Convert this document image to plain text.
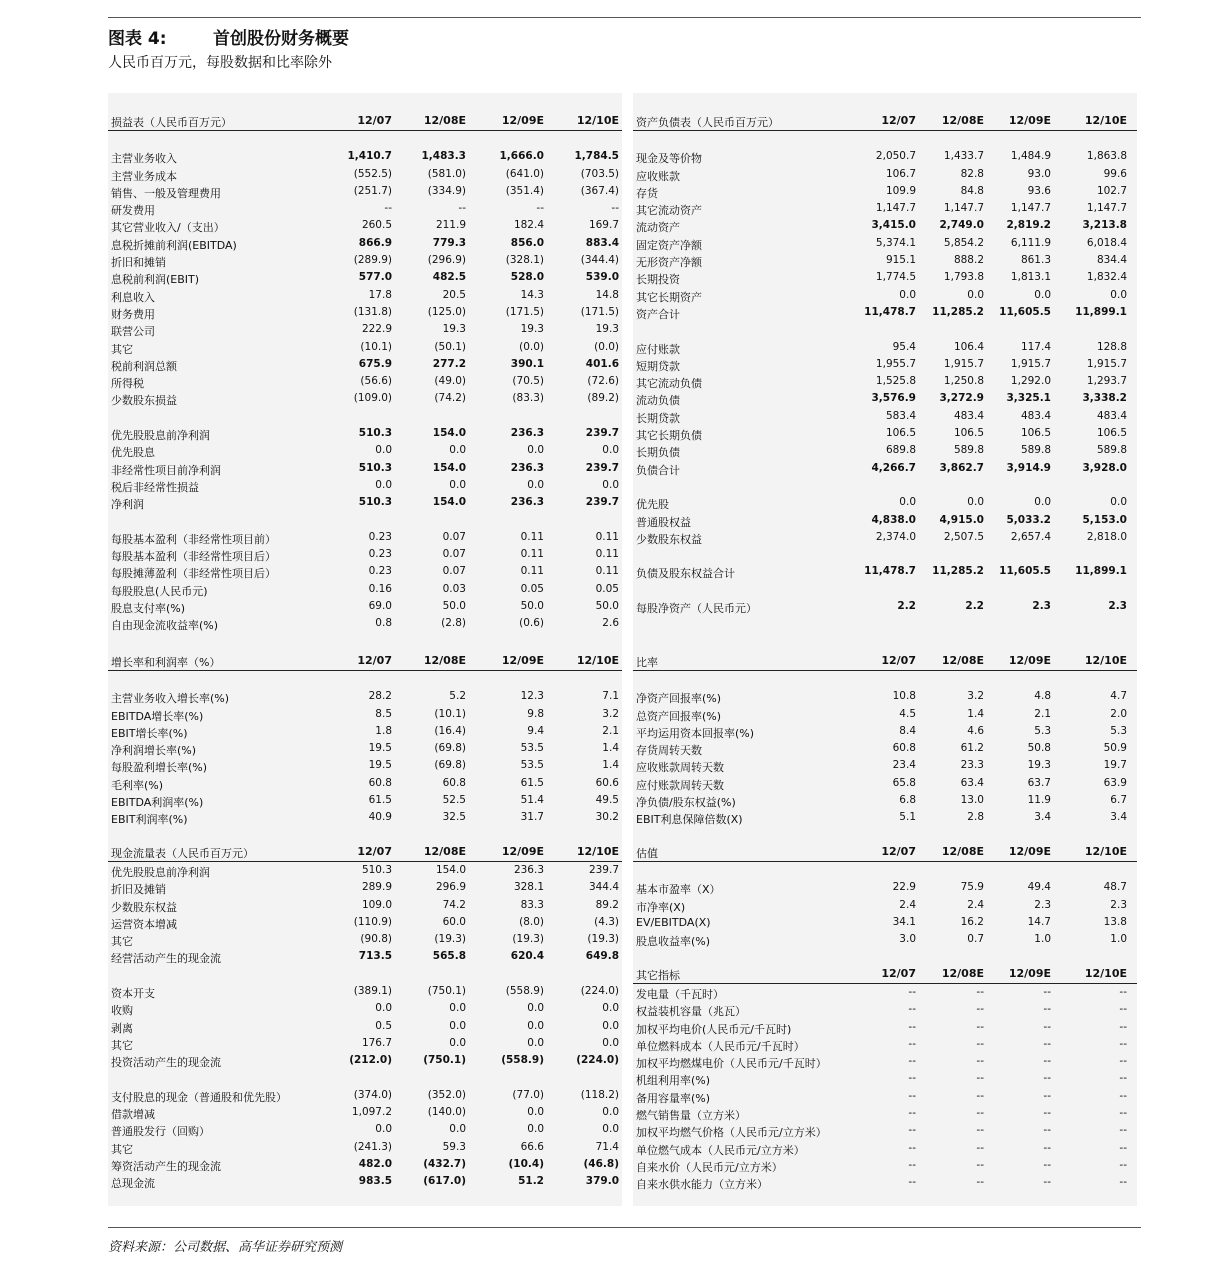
图表 4:	首创股份财务概要
人民币百万元，每股数据和比率除外
损益表（人民币百万元）	12/07	12/08E	12/09E	12/10E
主营业务收入	1,410.7	1,483.3	1,666.0	1,784.5
主营业务成本	(552.5)	(581.0)	(641.0)	(703.5)
销售、一般及管理费用	(251.7)	(334.9)	(351.4)	(367.4)
研发费用	--	--	--	--
其它营业收入/（支出）	260.5	211.9	182.4	169.7
息税折摊前利润(EBITDA)	866.9	779.3	856.0	883.4
折旧和摊销	(289.9)	(296.9)	(328.1)	(344.4)
息税前利润(EBIT)	577.0	482.5	528.0	539.0
利息收入	17.8	20.5	14.3	14.8
财务费用	(131.8)	(125.0)	(171.5)	(171.5)
联营公司	222.9	19.3	19.3	19.3
其它	(10.1)	(50.1)	(0.0)	(0.0)
税前利润总额	675.9	277.2	390.1	401.6
所得税	(56.6)	(49.0)	(70.5)	(72.6)
少数股东损益	(109.0)	(74.2)	(83.3)	(89.2)
优先股股息前净利润	510.3	154.0	236.3	239.7
优先股息	0.0	0.0	0.0	0.0
非经常性项目前净利润	510.3	154.0	236.3	239.7
税后非经常性损益	0.0	0.0	0.0	0.0
净利润	510.3	154.0	236.3	239.7
每股基本盈利（非经常性项目前）	0.23	0.07	0.11	0.11
每股基本盈利（非经常性项目后）	0.23	0.07	0.11	0.11
每股摊薄盈利（非经常性项目后）	0.23	0.07	0.11	0.11
每股股息(人民币元)	0.16	0.03	0.05	0.05
股息支付率(%)	69.0	50.0	50.0	50.0
自由现金流收益率(%)	0.8	(2.8)	(0.6)	2.6
增长率和利润率（%）	12/07	12/08E	12/09E	12/10E
主营业务收入增长率(%)	28.2	5.2	12.3	7.1
EBITDA增长率(%)	8.5	(10.1)	9.8	3.2
EBIT增长率(%)	1.8	(16.4)	9.4	2.1
净利润增长率(%)	19.5	(69.8)	53.5	1.4
每股盈利增长率(%)	19.5	(69.8)	53.5	1.4
毛利率(%)	60.8	60.8	61.5	60.6
EBITDA利润率(%)	61.5	52.5	51.4	49.5
EBIT利润率(%)	40.9	32.5	31.7	30.2
现金流量表（人民币百万元）	12/07	12/08E	12/09E	12/10E
优先股股息前净利润	510.3	154.0	236.3	239.7
折旧及摊销	289.9	296.9	328.1	344.4
少数股东权益	109.0	74.2	83.3	89.2
运营资本增减	(110.9)	60.0	(8.0)	(4.3)
其它	(90.8)	(19.3)	(19.3)	(19.3)
经营活动产生的现金流	713.5	565.8	620.4	649.8
资本开支	(389.1)	(750.1)	(558.9)	(224.0)
收购	0.0	0.0	0.0	0.0
剥离	0.5	0.0	0.0	0.0
其它	176.7	0.0	0.0	0.0
投资活动产生的现金流	(212.0)	(750.1)	(558.9)	(224.0)
支付股息的现金（普通股和优先股）	(374.0)	(352.0)	(77.0)	(118.2)
借款增减	1,097.2	(140.0)	0.0	0.0
普通股发行（回购）	0.0	0.0	0.0	0.0
其它	(241.3)	59.3	66.6	71.4
筹资活动产生的现金流	482.0	(432.7)	(10.4)	(46.8)
总现金流	983.5	(617.0)	51.2	379.0
资产负债表（人民币百万元）	12/07	12/08E	12/09E	12/10E
现金及等价物	2,050.7	1,433.7	1,484.9	1,863.8
应收账款	106.7	82.8	93.0	99.6
存货	109.9	84.8	93.6	102.7
其它流动资产	1,147.7	1,147.7	1,147.7	1,147.7
流动资产	3,415.0	2,749.0	2,819.2	3,213.8
固定资产净额	5,374.1	5,854.2	6,111.9	6,018.4
无形资产净额	915.1	888.2	861.3	834.4
长期投资	1,774.5	1,793.8	1,813.1	1,832.4
其它长期资产	0.0	0.0	0.0	0.0
资产合计	11,478.7	11,285.2	11,605.5	11,899.1
应付账款	95.4	106.4	117.4	128.8
短期贷款	1,955.7	1,915.7	1,915.7	1,915.7
其它流动负债	1,525.8	1,250.8	1,292.0	1,293.7
流动负债	3,576.9	3,272.9	3,325.1	3,338.2
长期贷款	583.4	483.4	483.4	483.4
其它长期负债	106.5	106.5	106.5	106.5
长期负债	689.8	589.8	589.8	589.8
负债合计	4,266.7	3,862.7	3,914.9	3,928.0
优先股	0.0	0.0	0.0	0.0
普通股权益	4,838.0	4,915.0	5,033.2	5,153.0
少数股东权益	2,374.0	2,507.5	2,657.4	2,818.0
负债及股东权益合计	11,478.7	11,285.2	11,605.5	11,899.1
每股净资产（人民币元）	2.2	2.2	2.3	2.3
比率	12/07	12/08E	12/09E	12/10E
净资产回报率(%)	10.8	3.2	4.8	4.7
总资产回报率(%)	4.5	1.4	2.1	2.0
平均运用资本回报率(%)	8.4	4.6	5.3	5.3
存货周转天数	60.8	61.2	50.8	50.9
应收账款周转天数	23.4	23.3	19.3	19.7
应付账款周转天数	65.8	63.4	63.7	63.9
净负债/股东权益(%)	6.8	13.0	11.9	6.7
EBIT利息保障倍数(X)	5.1	2.8	3.4	3.4
估值	12/07	12/08E	12/09E	12/10E
基本市盈率（X）	22.9	75.9	49.4	48.7
市净率(X)	2.4	2.4	2.3	2.3
EV/EBITDA(X)	34.1	16.2	14.7	13.8
股息收益率(%)	3.0	0.7	1.0	1.0
其它指标	12/07	12/08E	12/09E	12/10E
发电量（千瓦时）	--	--	--	--
权益装机容量（兆瓦）	--	--	--	--
加权平均电价(人民币元/千瓦时)	--	--	--	--
单位燃料成本（人民币元/千瓦时）	--	--	--	--
加权平均燃煤电价（人民币元/千瓦时）	--	--	--	--
机组利用率(%)	--	--	--	--
备用容量率(%)	--	--	--	--
燃气销售量（立方米）	--	--	--	--
加权平均燃气价格（人民币元/立方米）	--	--	--	--
单位燃气成本（人民币元/立方米）	--	--	--	--
自来水价（人民币元/立方米）	--	--	--	--
自来水供水能力（立方米）	--	--	--	--
资料来源：公司数据、高华证券研究预测
